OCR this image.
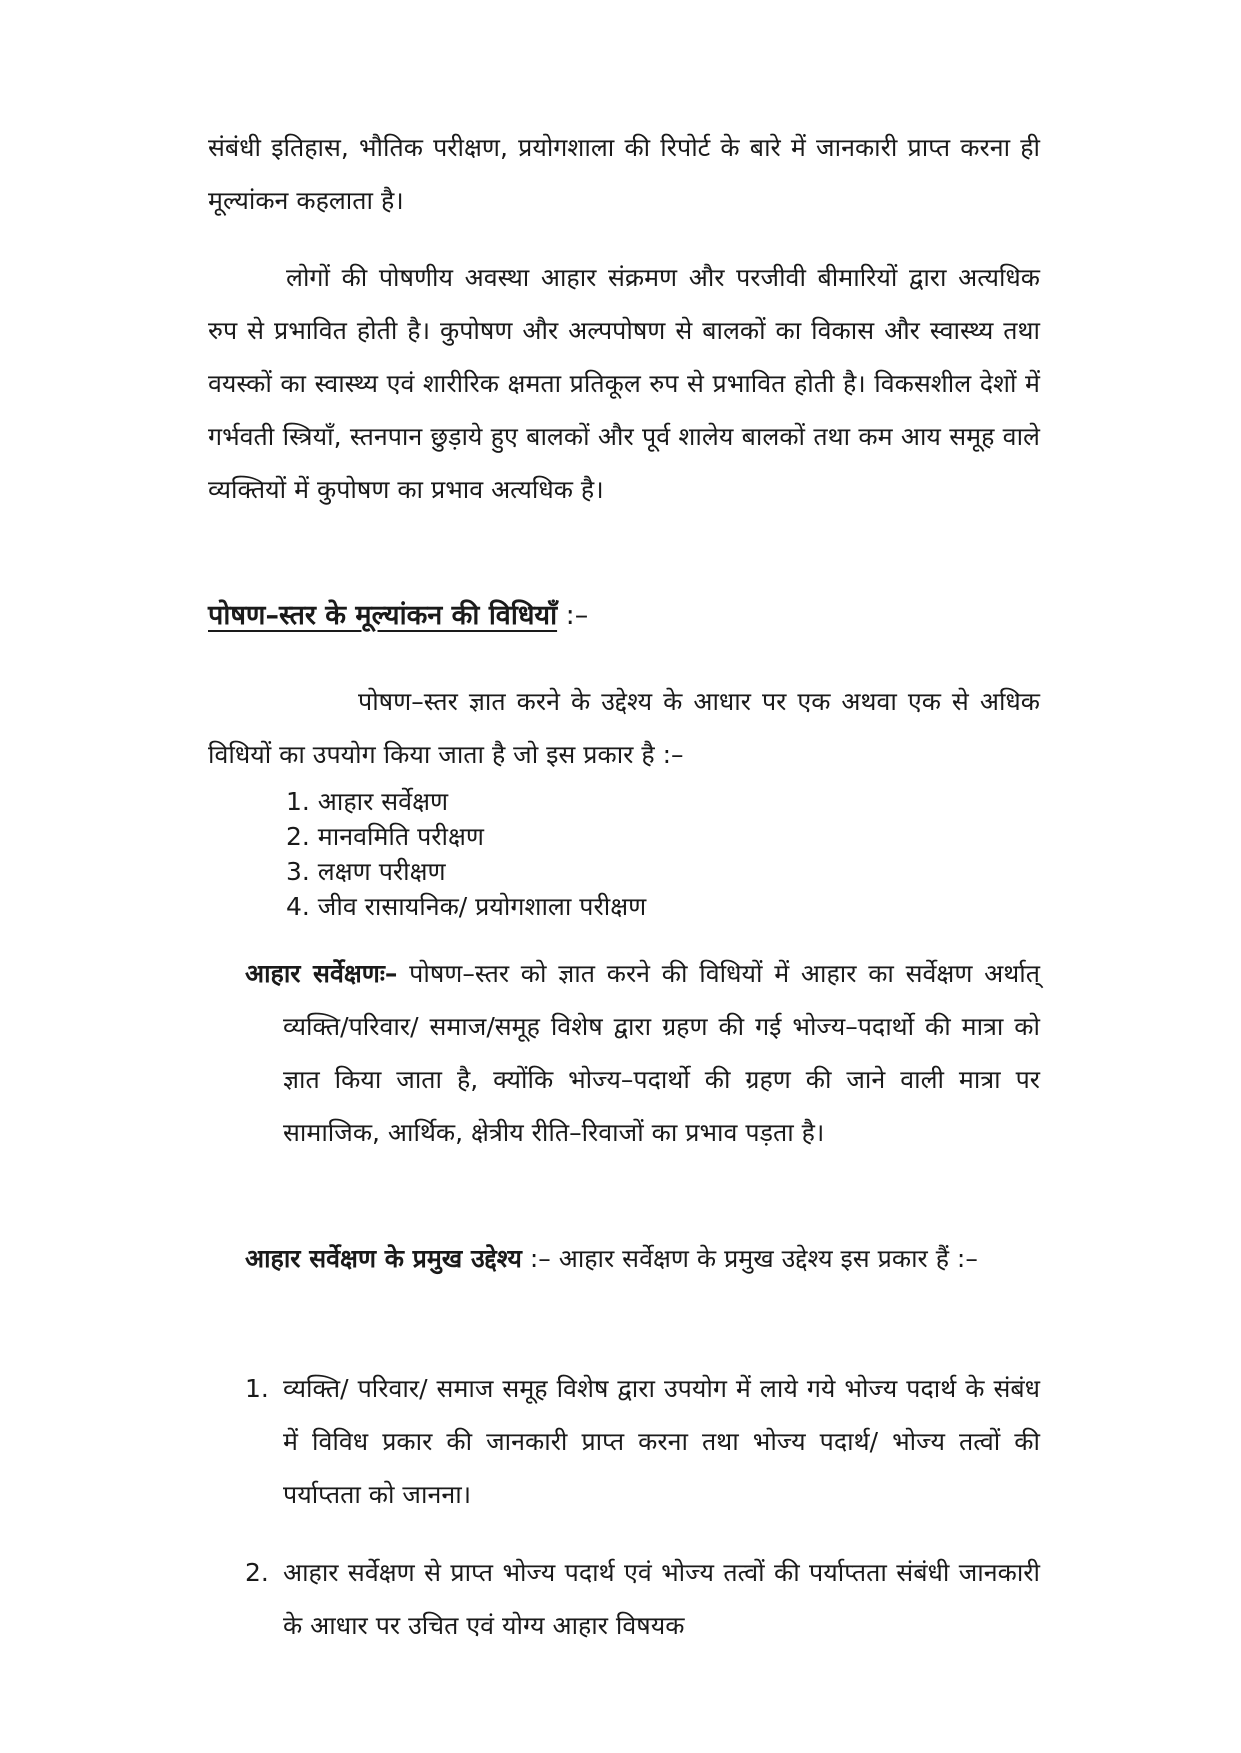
संबंधी इतिहास, भौतिक परीक्षण, प्रयोगशाला की रिपोर्ट के बारे में जानकारी प्राप्त करना ही मूल्यांकन कहलाता है।
लोगों की पोषणीय अवस्था आहार संक्रमण और परजीवी बीमारियों द्वारा अत्यधिक रुप से प्रभावित होती है। कुपोषण और अल्पपोषण से बालकों का विकास और स्वास्थ्य तथा वयस्कों का स्वास्थ्य एवं शारीरिक क्षमता प्रतिकूल रुप से प्रभावित होती है। विकसशील देशों में गर्भवती स्त्रियाँ, स्तनपान छुड़ाये हुए बालकों और पूर्व शालेय बालकों तथा कम आय समूह वाले व्यक्तियों में कुपोषण का प्रभाव अत्यधिक है।
पोषण–स्तर के मूल्यांकन की विधियाँ :–
पोषण–स्तर ज्ञात करने के उद्देश्य के आधार पर एक अथवा एक से अधिक विधियों का उपयोग किया जाता है जो इस प्रकार है :–
1. आहार सर्वेक्षण
2. मानवमिति परीक्षण
3. लक्षण परीक्षण
4. जीव रासायनिक/ प्रयोगशाला परीक्षण
आहार सर्वेक्षणः– पोषण–स्तर को ज्ञात करने की विधियों में आहार का सर्वेक्षण अर्थात् व्यक्ति/परिवार/ समाज/समूह विशेष द्वारा ग्रहण की गई भोज्य–पदार्थो की मात्रा को ज्ञात किया जाता है, क्योंकि भोज्य–पदार्थो की ग्रहण की जाने वाली मात्रा पर सामाजिक, आर्थिक, क्षेत्रीय रीति–रिवाजों का प्रभाव पड़ता है।
आहार सर्वेक्षण के प्रमुख उद्देश्य :– आहार सर्वेक्षण के प्रमुख उद्देश्य इस प्रकार हैं :–
1. व्यक्ति/ परिवार/ समाज समूह विशेष द्वारा उपयोग में लाये गये भोज्य पदार्थ के संबंध में विविध प्रकार की जानकारी प्राप्त करना तथा भोज्य पदार्थ/ भोज्य तत्वों की पर्याप्तता को जानना।
2. आहार सर्वेक्षण से प्राप्त भोज्य पदार्थ एवं भोज्य तत्वों की पर्याप्तता संबंधी जानकारी के आधार पर उचित एवं योग्य आहार विषयक
